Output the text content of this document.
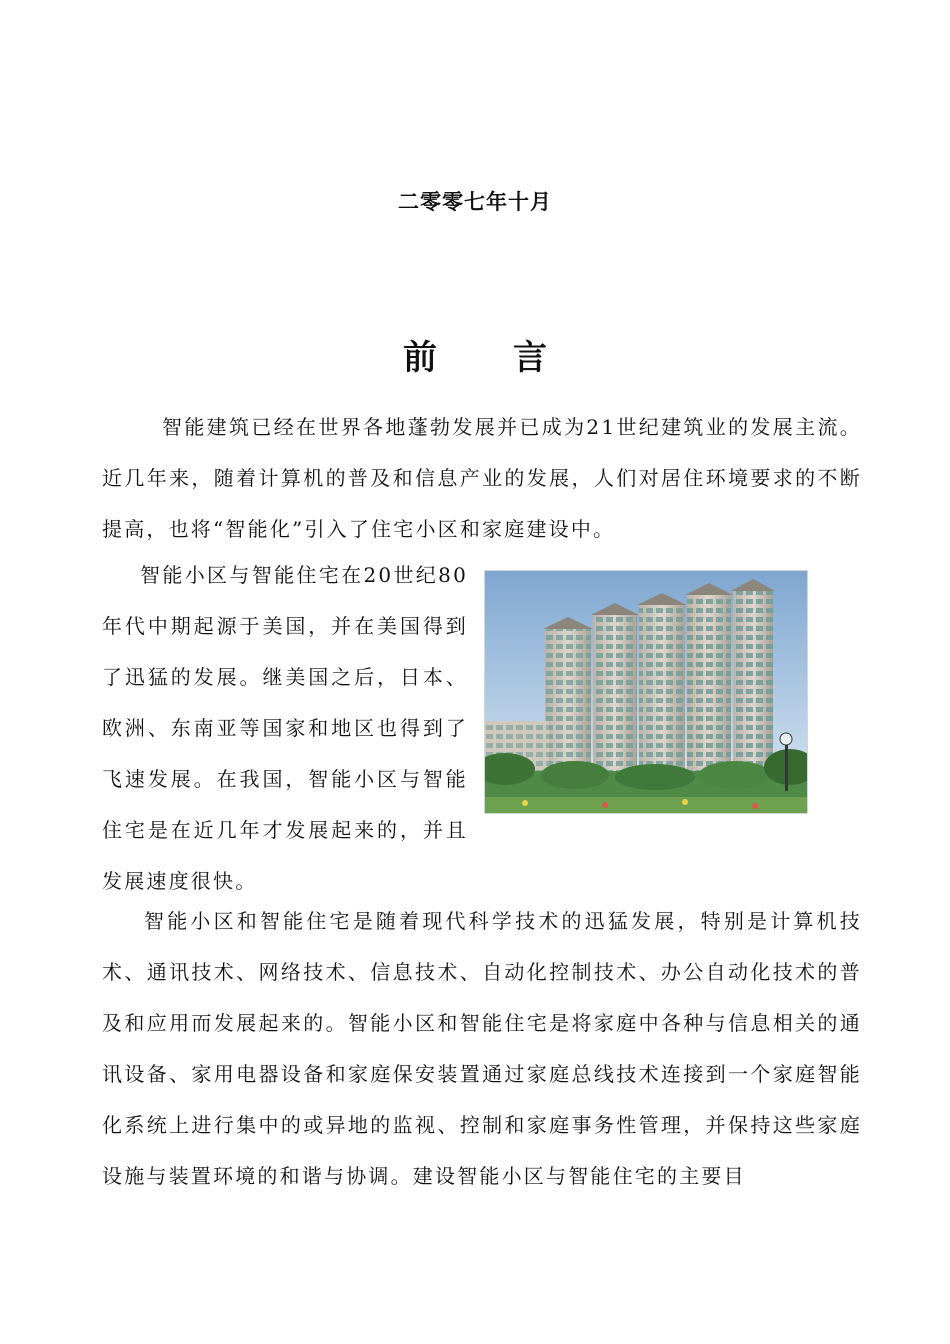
二零零七年十月
前 言

智能建筑已经在世界各地蓬勃发展并已成为21世纪建筑业的发展主流。近几年来，随着计算机的普及和信息产业的发展，人们对居住环境要求的不断提高，也将“智能化”引入了住宅小区和家庭建设中。

智能小区与智能住宅在20世纪80年代中期起源于美国，并在美国得到了迅猛的发展。继美国之后，日本、欧洲、东南亚等国家和地区也得到了飞速发展。在我国，智能小区与智能住宅是在近几年才发展起来的，并且发展速度很快。

智能小区和智能住宅是随着现代科学技术的迅猛发展，特别是计算机技术、通讯技术、网络技术、信息技术、自动化控制技术、办公自动化技术的普及和应用而发展起来的。智能小区和智能住宅是将家庭中各种与信息相关的通讯设备、家用电器设备和家庭保安装置通过家庭总线技术连接到一个家庭智能化系统上进行集中的或异地的监视、控制和家庭事务性管理，并保持这些家庭设施与装置环境的和谐与协调。建设智能小区与智能住宅的主要目
